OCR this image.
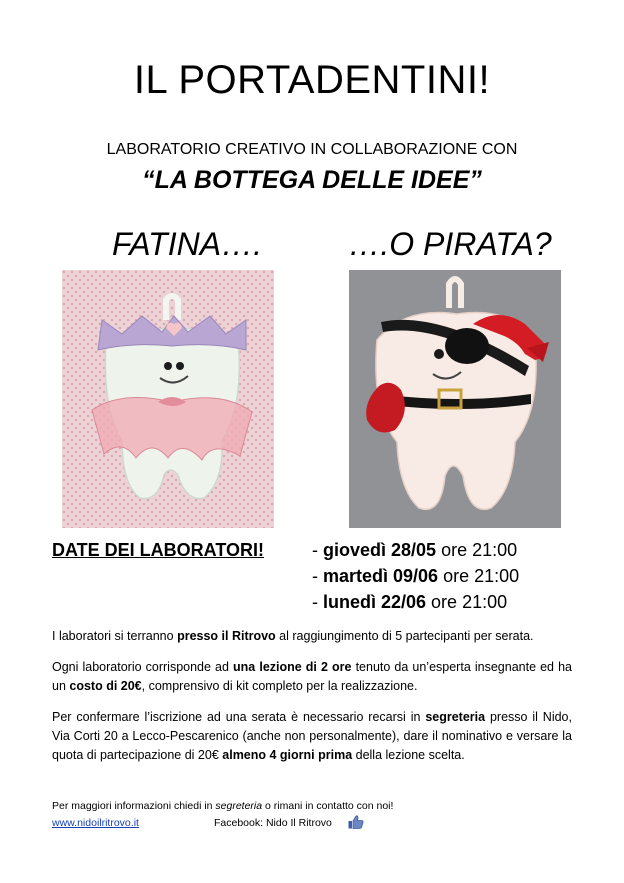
IL PORTADENTINI!
LABORATORIO CREATIVO IN COLLABORAZIONE CON
“LA BOTTEGA DELLE IDEE”
FATINA….	….O PIRATA?
DATE DEI LABORATORI!	- giovedì 28/05 ore 21:00
- martedì 09/06 ore 21:00
- lunedì 22/06 ore 21:00
I laboratori si terranno presso il Ritrovo al raggiungimento di 5 partecipanti per serata.
Ogni laboratorio corrisponde ad una lezione di 2 ore tenuto da un’esperta insegnante ed ha un costo di 20€, comprensivo di kit completo per la realizzazione.
Per confermare l’iscrizione ad una serata è necessario recarsi in segreteria presso il Nido, Via Corti 20 a Lecco-Pescarenico (anche non personalmente), dare il nominativo e versare la quota di partecipazione di 20€ almeno 4 giorni prima della lezione scelta.
Per maggiori informazioni chiedi in segreteria o rimani in contatto con noi!
www.nidoilritrovo.it	Facebook: Nido Il Ritrovo
